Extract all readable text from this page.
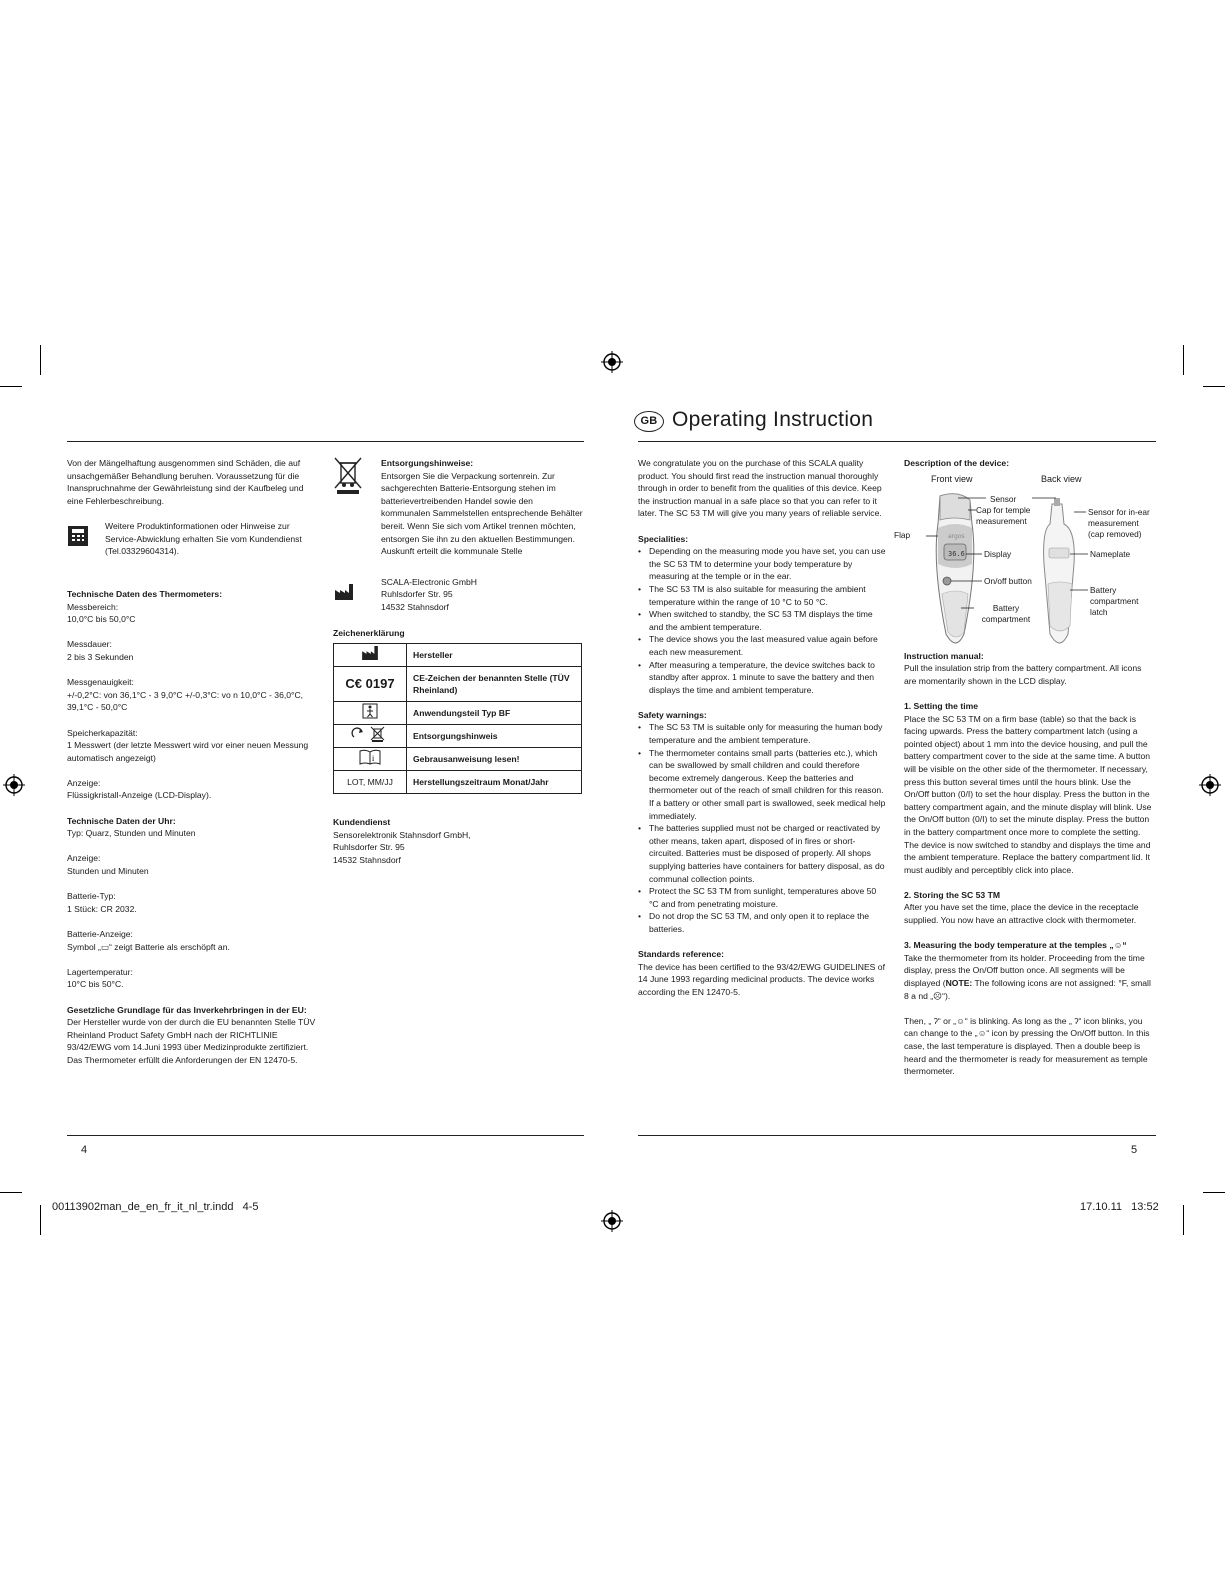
Von der Mängelhaftung ausgenommen sind Schäden, die auf unsachgemäßer Behandlung beruhen. Voraussetzung für die Inanspruchnahme der Gewährleistung sind der Kaufbeleg und eine Fehlerbeschreibung.

Weitere Produktinformationen oder Hinweise zur Service-Abwicklung erhalten Sie vom Kundendienst (Tel.03329604314).
Technische Daten des Thermometers:
Messbereich:
10,0°C bis 50,0°C
Messdauer:
2 bis 3 Sekunden
Messgenauigkeit:
+/-0,2°C: von 36,1°C - 3 9,0°C +/-0,3°C: vo n 10,0°C - 36,0°C, 39,1°C - 50,0°C
Speicherkapazität:
1 Messwert (der letzte Messwert wird vor einer neuen Messung automatisch angezeigt)
Anzeige:
Flüssigkristall-Anzeige (LCD-Display).
Technische Daten der Uhr:
Typ: Quarz, Stunden und Minuten
Anzeige:
Stunden und Minuten
Batterie-Typ:
1 Stück: CR 2032.
Batterie-Anzeige:
Symbol „▭“ zeigt Batterie als erschöpft an.
Lagertemperatur:
10°C bis 50°C.
Gesetzliche Grundlage für das Inverkehrbringen in der EU:
Der Hersteller wurde von der durch die EU benannten Stelle TÜV Rheinland Product Safety GmbH nach der RICHTLINIE 93/42/EWG vom 14.Juni 1993 über Medizinprodukte zertifiziert. Das Thermometer erfüllt die Anforderungen der EN 12470-5.
Entsorgungshinweise:
Entsorgen Sie die Verpackung sortenrein. Zur sachgerechten Batterie-Entsorgung stehen im batterievertreibenden Handel sowie den kommunalen Sammelstellen entsprechende Behälter bereit. Wenn Sie sich vom Artikel trennen möchten, entsorgen Sie ihn zu den aktuellen Bestimmungen. Auskunft erteilt die kommunale Stelle
SCALA-Electronic GmbH
Ruhlsdorfer Str. 95
14532 Stahnsdorf
Zeichenerklärung
	Hersteller
C€ 0197	CE-Zeichen der benannten Stelle (TÜV Rheinland)
	Anwendungsteil Typ BF
	Entsorgungshinweis

i	Gebrausanweisung lesen!
LOT, MM/JJ	Herstellungszeitraum Monat/Jahr
Kundendienst
Sensorelektronik Stahnsdorf GmbH,
Ruhlsdorfer Str. 95
14532 Stahnsdorf
4
GB Operating Instruction

We congratulate you on the purchase of this SCALA quality product. You should first read the instruction manual thoroughly through in order to benefit from the qualities of this device. Keep the instruction manual in a safe place so that you can refer to it later. The SC 53 TM will give you many years of reliable service.

Specialities:
• Depending on the measuring mode you have set, you can use the SC 53 TM to determine your body temperature by measuring at the temple or in the ear.
• The SC 53 TM is also suitable for measuring the ambient temperature within the range of 10 °C to 50 °C.
• When switched to standby, the SC 53 TM displays the time and the ambient temperature.
• The device shows you the last measured value again before each new measurement.
• After measuring a temperature, the device switches back to standby after approx. 1 minute to save the battery and then displays the time and ambient temperature.
Safety warnings:
• The SC 53 TM is suitable only for measuring the human body temperature and the ambient temperature.
• The thermometer contains small parts (batteries etc.), which can be swallowed by small children and could therefore become extremely dangerous. Keep the batteries and thermometer out of the reach of small children for this reason. If a battery or other small part is swallowed, seek medical help immediately.
• The batteries supplied must not be charged or reactivated by other means, taken apart, disposed of in fires or short-circuited. Batteries must be disposed of properly. All shops supplying batteries have containers for battery disposal, as do communal collection points.
• Protect the SC 53 TM from sunlight, temperatures above 50 °C and from penetrating moisture.
• Do not drop the SC 53 TM, and only open it to replace the batteries.
Standards reference:
The device has been certified to the 93/42/EWG GUIDELINES of 14 June 1993 regarding medicinal products. The device works according the EN 12470-5.
Description of the device:
Front view	Back view
36.6
argos
Sensor
Cap for temple measurement
Flap
Display
On/off button
Battery compartment
Sensor for in-ear measurement (cap removed)
Nameplate
Battery compartment latch
Instruction manual:
Pull the insulation strip from the battery compartment. All icons are momentarily shown in the LCD display.
1. Setting the time
Place the SC 53 TM on a firm base (table) so that the back is facing upwards. Press the battery compartment latch (using a pointed object) about 1 mm into the device housing, and pull the battery compartment cover to the side at the same time. A button will be visible on the other side of the thermometer. If necessary, press this button several times until the hours blink. Use the On/Off button (0/I) to set the hour display. Press the button in the battery compartment again, and the minute display will blink. Use the On/Off button (0/I) to set the minute display. Press the button in the battery compartment once more to complete the setting. The device is now switched to standby and displays the time and the ambient temperature. Replace the battery compartment lid. It must audibly and perceptibly click into place.
2. Storing the SC 53 TM
After you have set the time, place the device in the receptacle supplied. You now have an attractive clock with thermometer.
3. Measuring the body temperature at the temples „☺“
Take the thermometer from its holder. Proceeding from the time display, press the On/Off button once. All segments will be displayed (NOTE: The following icons are not assigned: °F, small 8 a nd „☹“).
Then, „ ʔ“ or „☺“ is blinking. As long as the „ ʔ“ icon blinks, you can change to the „☺“ icon by pressing the On/Off button. In this case, the last temperature is displayed. Then a double beep is heard and the thermometer is ready for measurement as temple thermometer.
5
00113902man_de_en_fr_it_nl_tr.indd   4-5	17.10.11   13:52
